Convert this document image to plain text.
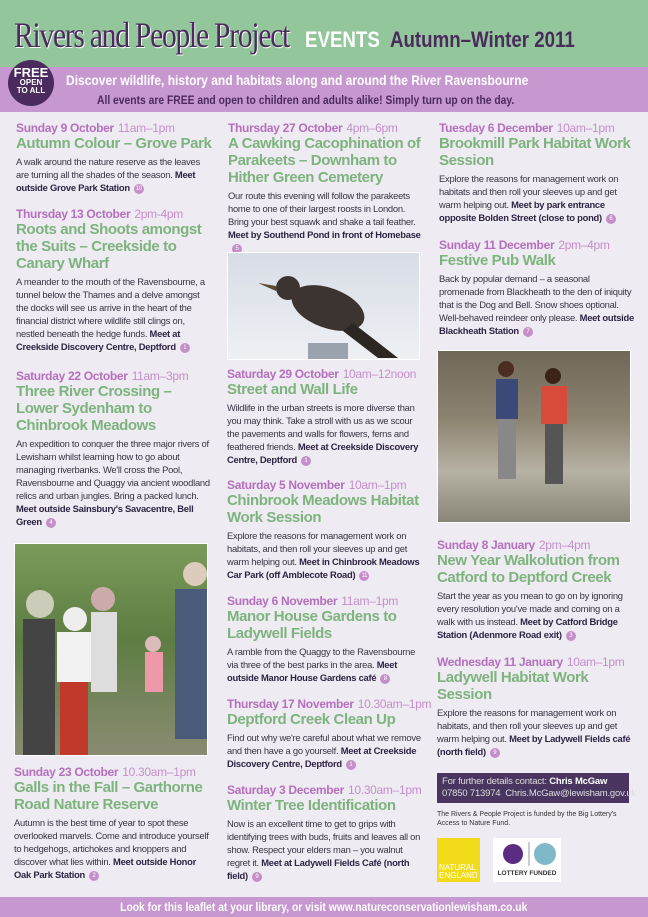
Rivers and People Project EVENTS Autumn–Winter 2011
FREE
OPEN
TO ALL
Discover wildlife, history and habitats along and around the River Ravensbourne
All events are FREE and open to children and adults alike! Simply turn up on the day.
Sunday 9 October 11am–1pm
Autumn Colour – Grove Park
A walk around the nature reserve as the leaves are turning all the shades of the season. Meet outside Grove Park Station 10
Thursday 13 October 2pm-4pm
Roots and Shoots amongst the Suits – Creekside to Canary Wharf
A meander to the mouth of the Ravensbourne, a tunnel below the Thames and a delve amongst the docks will see us arrive in the heart of the financial district where wildlife still clings on, nestled beneath the hedge funds. Meet at Creekside Discovery Centre, Deptford 1
Saturday 22 October 11am–3pm
Three River Crossing – Lower Sydenham to Chinbrook Meadows
An expedition to conquer the three major rivers of Lewisham whilst learning how to go about managing riverbanks. We'll cross the Pool, Ravensbourne and Quaggy via ancient woodland relics and urban jungles. Bring a packed lunch. Meet outside Sainsbury's Savacentre, Bell Green 4
Sunday 23 October 10.30am–1pm
Galls in the Fall – Garthorne Road Nature Reserve
Autumn is the best time of year to spot these overlooked marvels. Come and introduce yourself to hedgehogs, artichokes and knoppers and discover what lies within. Meet outside Honor Oak Park Station 2
Thursday 27 October 4pm–6pm
A Cawking Cacophination of Parakeets – Downham to Hither Green Cemetery
Our route this evening will follow the parakeets home to one of their largest roosts in London. Bring your best squawk and shake a tail feather. Meet by Southend Pond in front of Homebase5
Saturday 29 October 10am–12noon
Street and Wall Life
Wildlife in the urban streets is more diverse than you may think. Take a stroll with us as we scour the pavements and walls for flowers, ferns and feathered friends. Meet at Creekside Discovery Centre, Deptford 1
Saturday 5 November 10am–1pm
Chinbrook Meadows Habitat Work Session
Explore the reasons for management work on habitats, and then roll your sleeves up and get warm helping out. Meet in Chinbrook Meadows Car Park (off Amblecote Road) 11
Sunday 6 November 11am–1pm
Manor House Gardens to Ladywell Fields
A ramble from the Quaggy to the Ravensbourne via three of the best parks in the area. Meet outside Manor House Gardens café 8
Thursday 17 November 10.30am–1pm
Deptford Creek Clean Up
Find out why we're careful about what we remove and then have a go yourself. Meet at Creekside Discovery Centre, Deptford 1
Saturday 3 December 10.30am–1pm
Winter Tree Identification
Now is an excellent time to get to grips with identifying trees with buds, fruits and leaves all on show. Respect your elders man – you walnut regret it. Meet at Ladywell Fields Café (north field) 9
Tuesday 6 December 10am–1pm
Brookmill Park Habitat Work Session
Explore the reasons for management work on habitats and then roll your sleeves up and get warm helping out. Meet by park entrance opposite Bolden Street (close to pond) 6
Sunday 11 December 2pm–4pm
Festive Pub Walk
Back by popular demand – a seasonal promenade from Blackheath to the den of iniquity that is the Dog and Bell. Snow shoes optional. Well-behaved reindeer only please. Meet outside Blackheath Station 7
Sunday 8 January 2pm–4pm
New Year Walkolution from Catford to Deptford Creek
Start the year as you mean to go on by ignoring every resolution you've made and coming on a walk with us instead. Meet by Catford Bridge Station (Adenmore Road exit) 3
Wednesday 11 January 10am–1pm
Ladywell Habitat Work Session
Explore the reasons for management work on habitats, and then roll your sleeves up and get warm helping out. Meet by Ladywell Fields café (north field) 9
For further details contact: Chris McGaw
07850 713974 Chris.McGaw@lewisham.gov.uk
The Rivers & People Project is funded by the Big Lottery's Access to Nature Fund.
NATURAL ENGLAND	LOTTERY FUNDED
Look for this leaflet at your library, or visit www.natureconservationlewisham.co.uk
